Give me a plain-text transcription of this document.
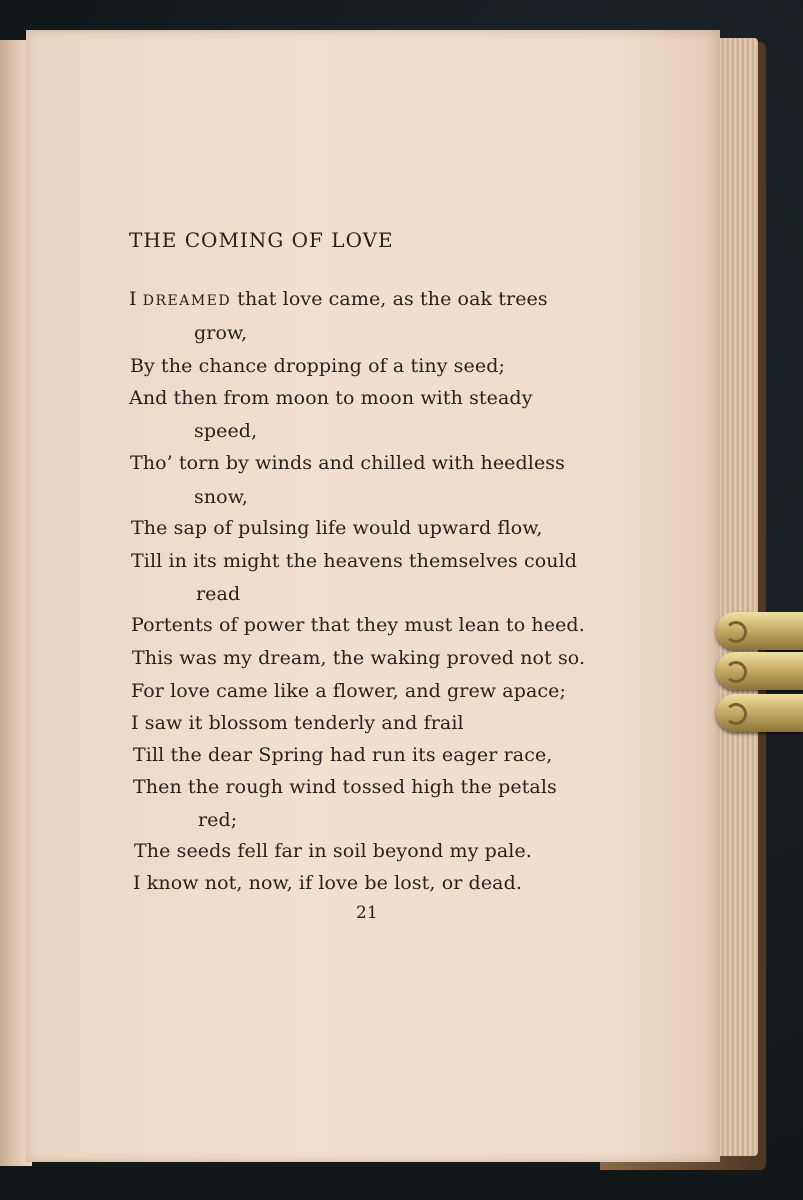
THE COMING OF LOVE
I DREAMED that love came, as the oak trees
grow,
By the chance dropping of a tiny seed;
And then from moon to moon with steady
speed,
Tho’ torn by winds and chilled with heedless
snow,
The sap of pulsing life would upward flow,
Till in its might the heavens themselves could
read
Portents of power that they must lean to heed.
This was my dream, the waking proved not so.
For love came like a flower, and grew apace;
I saw it blossom tenderly and frail
Till the dear Spring had run its eager race,
Then the rough wind tossed high the petals
red;
The seeds fell far in soil beyond my pale.
I know not, now, if love be lost, or dead.
21
